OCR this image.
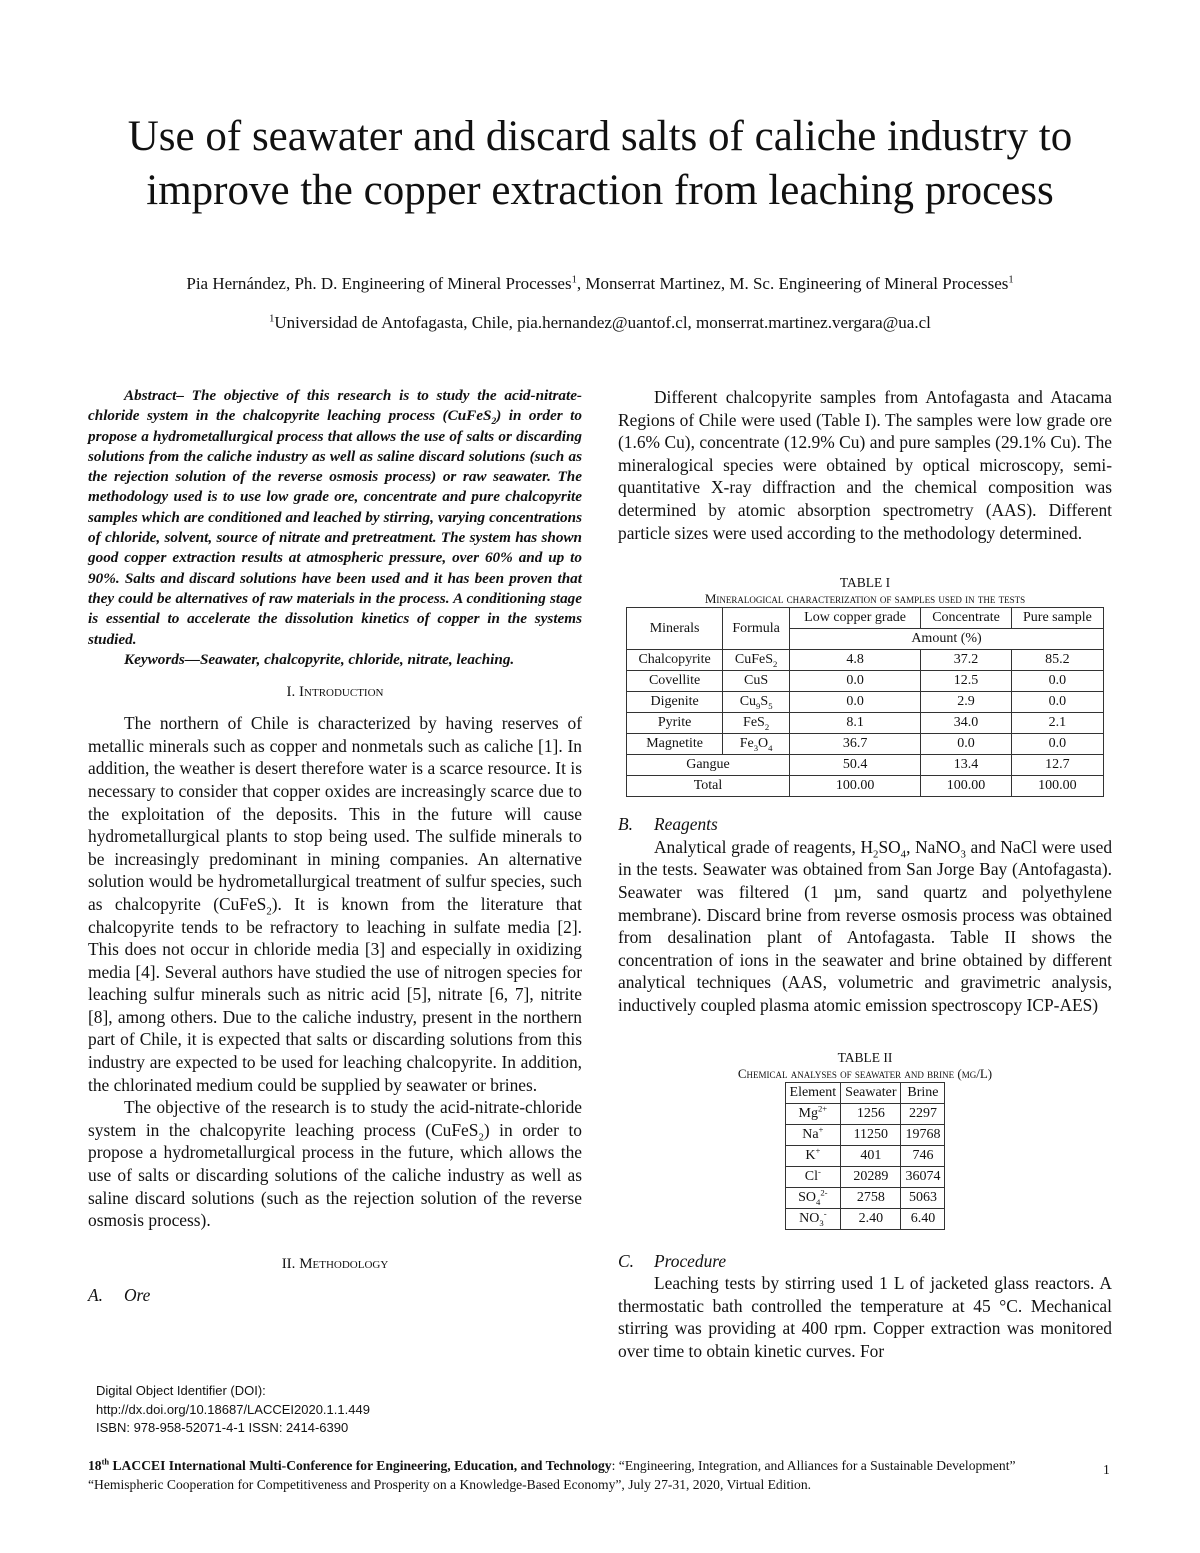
Use of seawater and discard salts of caliche industry to improve the copper extraction from leaching process
Pia Hernández, Ph. D. Engineering of Mineral Processes$^1$, Monserrat Martinez, M. Sc. Engineering of Mineral Processes$^1$
$^1$Universidad de Antofagasta, Chile, pia.hernandez@uantof.cl, monserrat.martinez.vergara@ua.cl

Abstract– The objective of this research is to study the acid-nitrate-chloride system in the chalcopyrite leaching process (CuFeS$_2$) in order to propose a hydrometallurgical process that allows the use of salts or discarding solutions from the caliche industry as well as saline discard solutions (such as the rejection solution of the reverse osmosis process) or raw seawater. The methodology used is to use low grade ore, concentrate and pure chalcopyrite samples which are conditioned and leached by stirring, varying concentrations of chloride, solvent, source of nitrate and pretreatment. The system has shown good copper extraction results at atmospheric pressure, over 60% and up to 90%. Salts and discard solutions have been used and it has been proven that they could be alternatives of raw materials in the process. A conditioning stage is essential to accelerate the dissolution kinetics of copper in the systems studied.

Keywords—Seawater, chalcopyrite, chloride, nitrate, leaching.

I. Introduction

The northern of Chile is characterized by having reserves of metallic minerals such as copper and nonmetals such as caliche [1]. In addition, the weather is desert therefore water is a scarce resource. It is necessary to consider that copper oxides are increasingly scarce due to the exploitation of the deposits. This in the future will cause hydrometallurgical plants to stop being used. The sulfide minerals to be increasingly predominant in mining companies. An alternative solution would be hydrometallurgical treatment of sulfur species, such as chalcopyrite (CuFeS$_2$). It is known from the literature that chalcopyrite tends to be refractory to leaching in sulfate media [2]. This does not occur in chloride media [3] and especially in oxidizing media [4]. Several authors have studied the use of nitrogen species for leaching sulfur minerals such as nitric acid [5], nitrate [6, 7], nitrite [8], among others. Due to the caliche industry, present in the northern part of Chile, it is expected that salts or discarding solutions from this industry are expected to be used for leaching chalcopyrite. In addition, the chlorinated medium could be supplied by seawater or brines.

The objective of the research is to study the acid-nitrate-chloride system in the chalcopyrite leaching process (CuFeS$_2$) in order to propose a hydrometallurgical process in the future, which allows the use of salts or discarding solutions of the caliche industry as well as saline discard solutions (such as the rejection solution of the reverse osmosis process).

II. Methodology
A. Ore
Digital Object Identifier (DOI):
http://dx.doi.org/10.18687/LACCEI2020.1.1.449
ISBN: 978-958-52071-4-1 ISSN: 2414-6390

Different chalcopyrite samples from Antofagasta and Atacama Regions of Chile were used (Table I). The samples were low grade ore (1.6% Cu), concentrate (12.9% Cu) and pure samples (29.1% Cu). The mineralogical species were obtained by optical microscopy, semi-quantitative X-ray diffraction and the chemical composition was determined by atomic absorption spectrometry (AAS). Different particle sizes were used according to the methodology determined.

TABLE I

Mineralogical characterization of samples used in the tests

Minerals	Formula	Low copper grade	Concentrate	Pure sample
		Amount (%)		
Chalcopyrite	CuFeS$_2$	4.8	37.2	85.2
Covellite	CuS	0.0	12.5	0.0
Digenite	$Cu_9S_5$	0.0	2.9	0.0
Pyrite	FeS$_2$	8.1	34.0	2.1
Magnetite	$Fe_3O_4$	36.7	0.0	0.0
Gangue		50.4	13.4	12.7
Total		100.00	100.00	100.00
B. Reagents

Analytical grade of reagents, $H_2SO_4$, NaNO$_3$ and NaCl were used in the tests. Seawater was obtained from San Jorge Bay (Antofagasta). Seawater was filtered (1 µm, sand quartz and polyethylene membrane). Discard brine from reverse osmosis process was obtained from desalination plant of Antofagasta. Table II shows the concentration of ions in the seawater and brine obtained by different analytical techniques (AAS, volumetric and gravimetric analysis, inductively coupled plasma atomic emission spectroscopy ICP-AES)

TABLE II

Chemical analyses of seawater and brine (mg/L)

Element	Seawater	Brine
$Mg^{2+}$	1256	2297
Na+	11250	19768
K+	401	746
Cl-	20289	36074
$SO_4^{2-}$	2758	5063
$NO_3^-$	2.40	6.40
C. Procedure

Leaching tests by stirring used 1 L of jacketed glass reactors. A thermostatic bath controlled the temperature at 45 °C. Mechanical stirring was providing at 400 rpm. Copper extraction was monitored over time to obtain kinetic curves. For

18th LACCEI International Multi-Conference for Engineering, Education, and Technology: “Engineering, Integration, and Alliances for a Sustainable Development” “Hemispheric Cooperation for Competitiveness and Prosperity on a Knowledge-Based Economy”, July 27-31, 2020, Virtual Edition.
1
